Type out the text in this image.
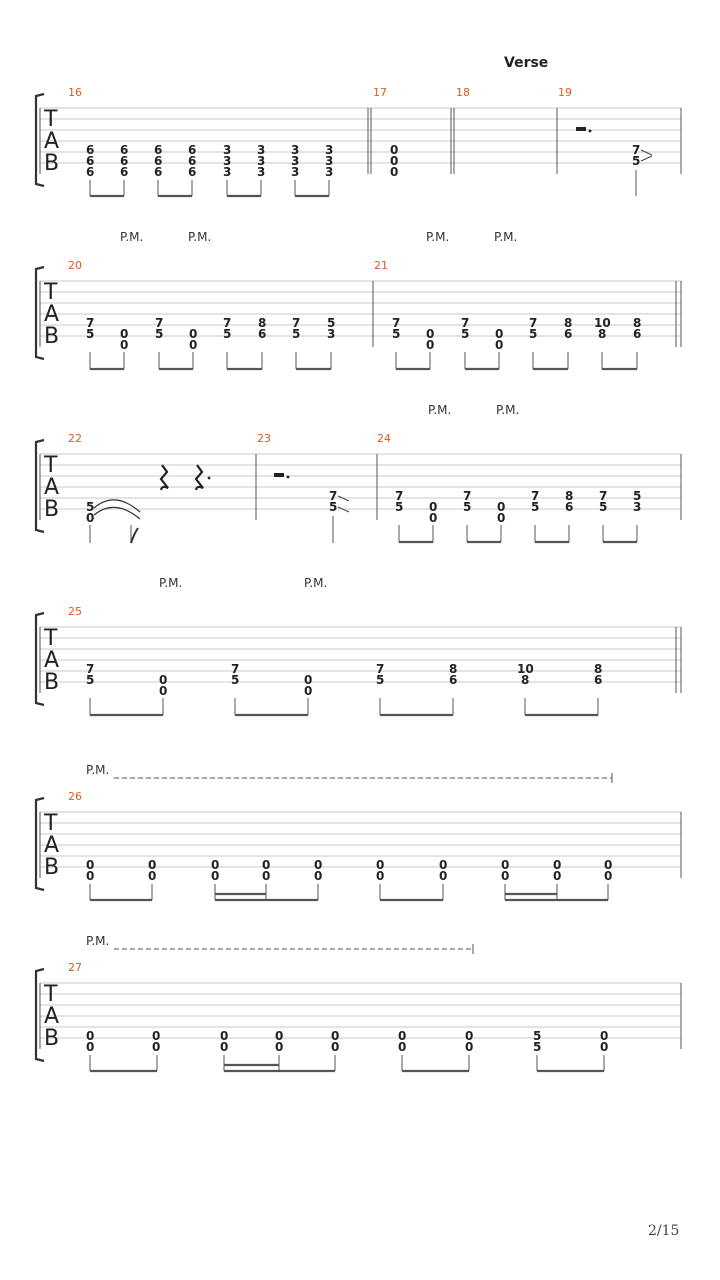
Verse
T
A
B
16	17	18	19
6
6
6
6
6
6
6
6
6
6
6
6
3
3
3
3
3
3
3
3
3
3
3
3
0
0
0
7
5
P.M.	P.M.	P.M.	P.M.
T
A
B
20	21
7
5 0
0
7
5 0
0
7
5
8
6
7
5
5
3
7
5 0
0
7
5 0
0
7
5
8
6
10
8
8
6
P.M.	P.M.
T
A
B
22	23	24
5
0
7
5
7
5 0
0
7
5 0
0
7
5
8
6
7
5
5
3
P.M.	P.M.
T
A
B
25
7
5	0
0
7
5	0
0
7
5
8
6
10
8
8
6
P.M.
T
A
B
26
0
0
0
0
0
0
0
0
0
0
0
0
0
0
0
0
0
0
0
0
P.M.
T
A
B
27
0
0
0
0
0
0
0
0
0
0
0
0
0
0
5
5
0
0
2/15
